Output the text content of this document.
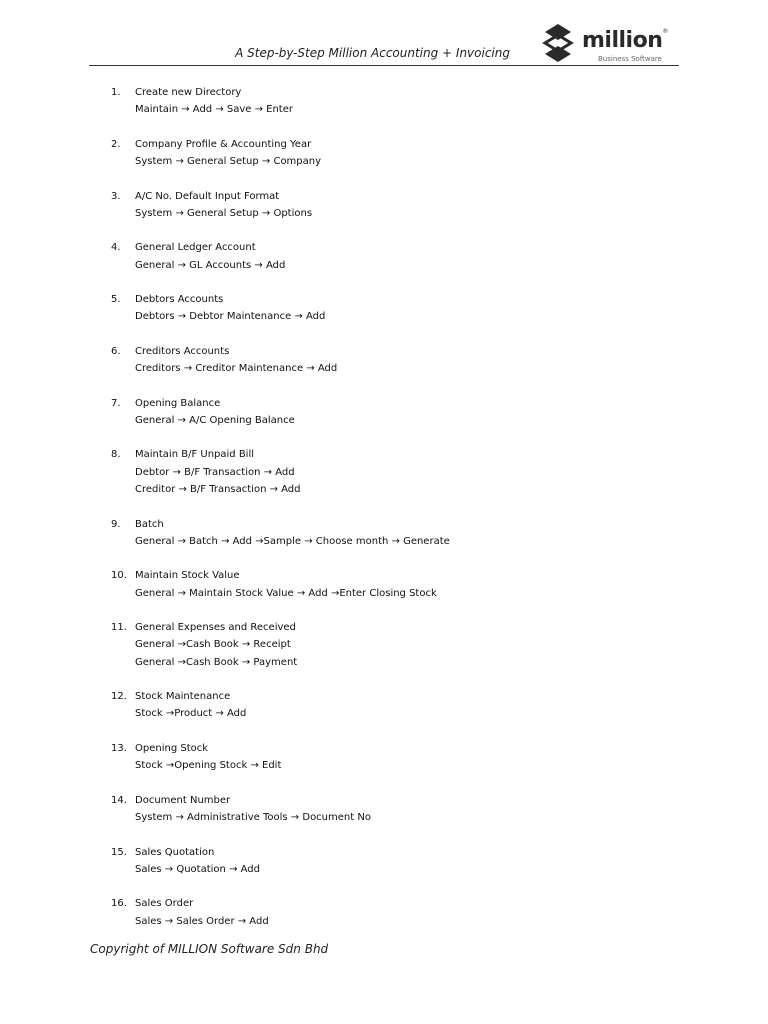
A Step-by-Step Million Accounting + Invoicing	million®
Business Software
1.	Create new Directory
Maintain → Add → Save → Enter
2.	Company Profile & Accounting Year
System → General Setup → Company
3.	A/C No. Default Input Format
System → General Setup → Options
4.	General Ledger Account
General → GL Accounts → Add
5.	Debtors Accounts
Debtors → Debtor Maintenance → Add
6.	Creditors Accounts
Creditors → Creditor Maintenance → Add
7.	Opening Balance
General → A/C Opening Balance
8.	Maintain B/F Unpaid Bill
Debtor → B/F Transaction → Add
Creditor → B/F Transaction → Add
9.	Batch
General → Batch → Add →Sample → Choose month → Generate
10. Maintain Stock Value
General → Maintain Stock Value → Add →Enter Closing Stock
11. General Expenses and Received
General →Cash Book → Receipt
General →Cash Book → Payment
12. Stock Maintenance
Stock →Product → Add
13. Opening Stock
Stock →Opening Stock → Edit
14. Document Number
System → Administrative Tools → Document No
15. Sales Quotation
Sales → Quotation → Add
16. Sales Order
Sales → Sales Order → Add
Copyright of MILLION Software Sdn Bhd
